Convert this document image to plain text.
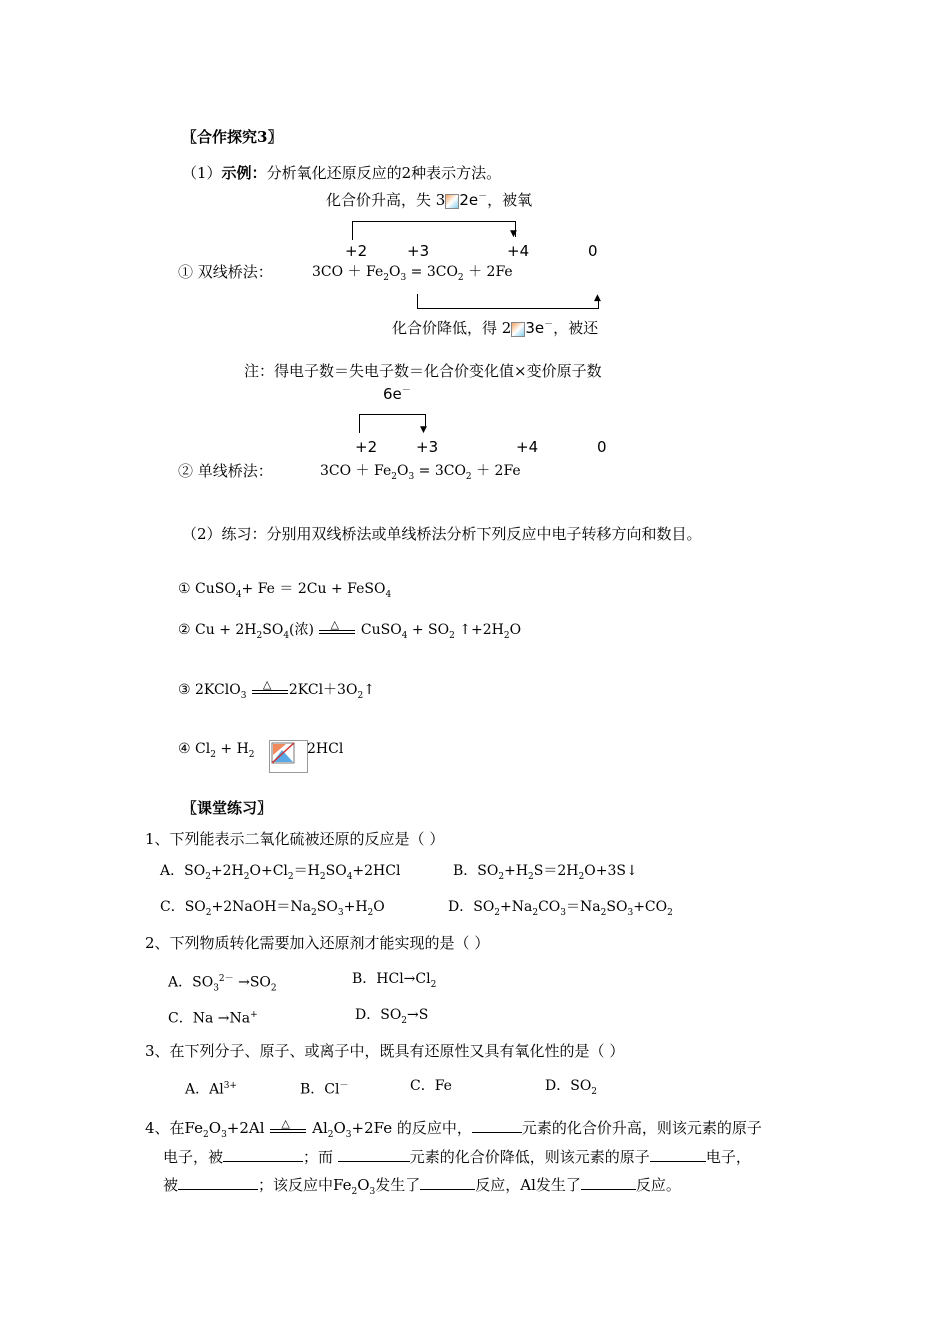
〖合作探究3〗
（1）示例：分析氧化还原反应的2种表示方法。
化合价升高，失 3 2e－，被氧
▼
+2	+3	+4	0
① 双线桥法：	$3CO + Fe_2O_3 = 3CO_2 + 2Fe$
▲
化合价降低，得 2 3e－，被还
注：得电子数＝失电子数＝化合价变化值×变价原子数
6e－
▼
+2	+3	+4	0
② 单线桥法：	$3CO + Fe_2O_3 = 3CO_2 + 2Fe$
（2）练习：分别用双线桥法或单线桥法分析下列反应中电子转移方向和数目。
① CuSO$_4$+ Fe ＝ 2Cu + FeSO$_4$
② $Cu + 2H_2SO_4$(浓) △ CuSO$_4$ + $SO_2$ $↑+2H_2O$
③ 2KClO$_3$
△ $2KCl+3O_2↑$
④ $Cl_2 + H_2$	2HCl
〖课堂练习〗
1、下列能表示二氧化硫被还原的反应是（ ）
A．$SO_2+2H_2O+Cl_2=H_2SO_4+2HCl$	B．$SO_2+H_2S=2H_2O+3S↓$
C．$SO_2+2NaOH=Na_2SO_3+H_2O$	D．$SO_2+Na_2CO_3=Na_2SO_3+CO_2$
2、下列物质转化需要加入还原剂才能实现的是（ ）
A．$SO_3^{2-} \to SO_2$
B．$HCl\to Cl_2$
C．Na →Na+	D．$SO_2\to S$
3、在下列分子、原子、或离子中，既具有还原性又具有氧化性的是（ ）
A．$Al^{3+}$	B．Cl－	C．Fe	D．$SO_2$
4、在$Fe_2O_3+2Al$ △ $Al_2O_3+2Fe$ 的反应中，	元素的化合价升高，则该元素的原子
电子，被	；而	元素的化合价降低，则该元素的原子	电子，
被	；该反应中$Fe_2O_3$发生了	反应，Al发生了	反应。
